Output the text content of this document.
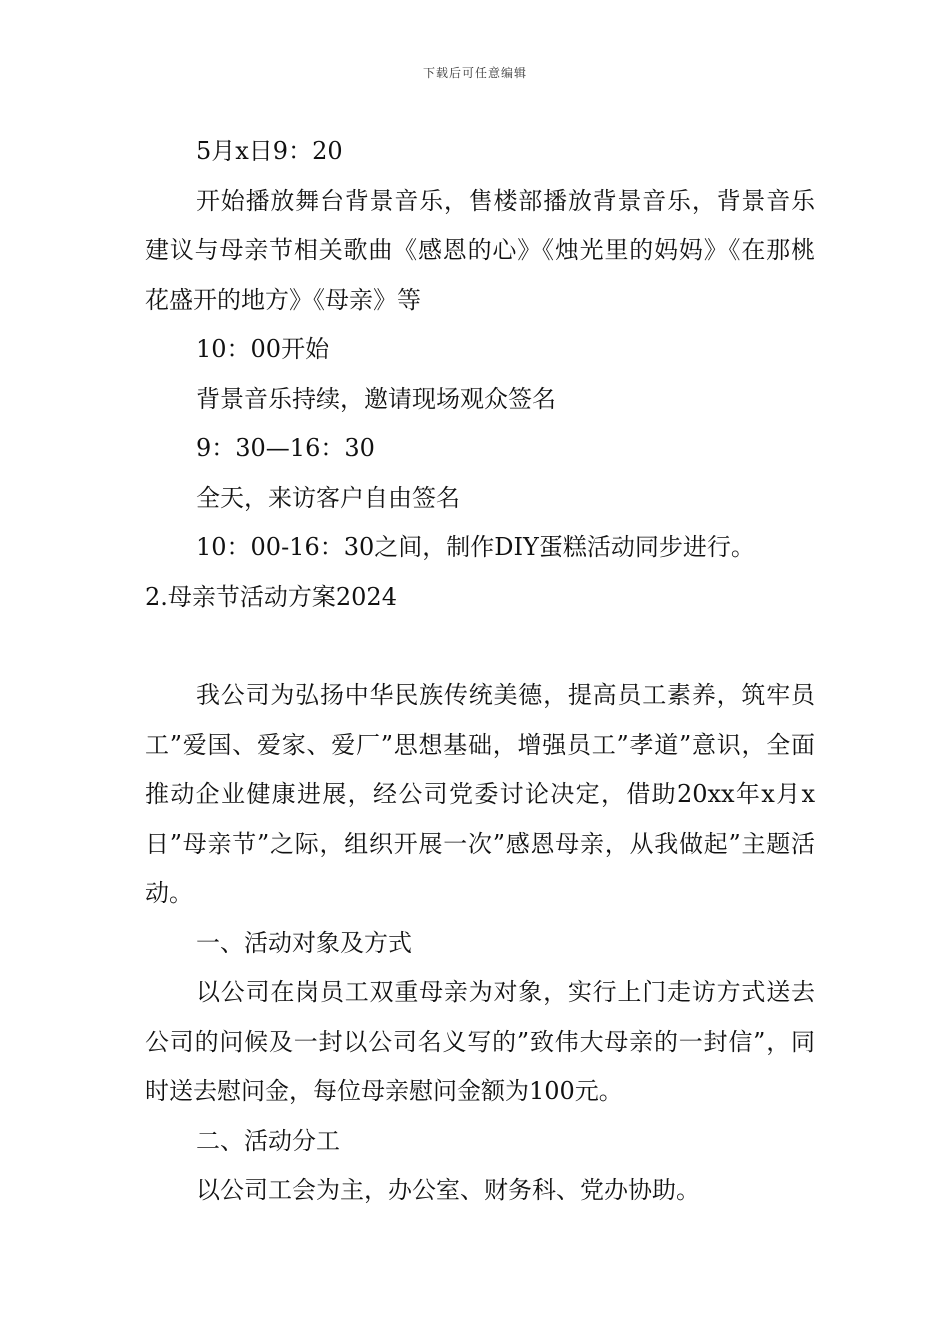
下载后可任意编辑

5月x日9：20

开始播放舞台背景音乐，售楼部播放背景音乐，背景音乐建议与母亲节相关歌曲《感恩的心》《烛光里的妈妈》《在那桃花盛开的地方》《母亲》等

10：00开始

背景音乐持续，邀请现场观众签名

9：30—16：30

全天，来访客户自由签名

10：00-16：30之间，制作DIY蛋糕活动同步进行。

2.母亲节活动方案2024

我公司为弘扬中华民族传统美德，提高员工素养，筑牢员工”爱国、爱家、爱厂”思想基础，增强员工”孝道”意识，全面推动企业健康进展，经公司党委讨论决定，借助20xx年x月x日”母亲节”之际，组织开展一次”感恩母亲，从我做起”主题活动。

一、活动对象及方式

以公司在岗员工双重母亲为对象，实行上门走访方式送去公司的问候及一封以公司名义写的”致伟大母亲的一封信”，同时送去慰问金，每位母亲慰问金额为100元。

二、活动分工

以公司工会为主，办公室、财务科、党办协助。
